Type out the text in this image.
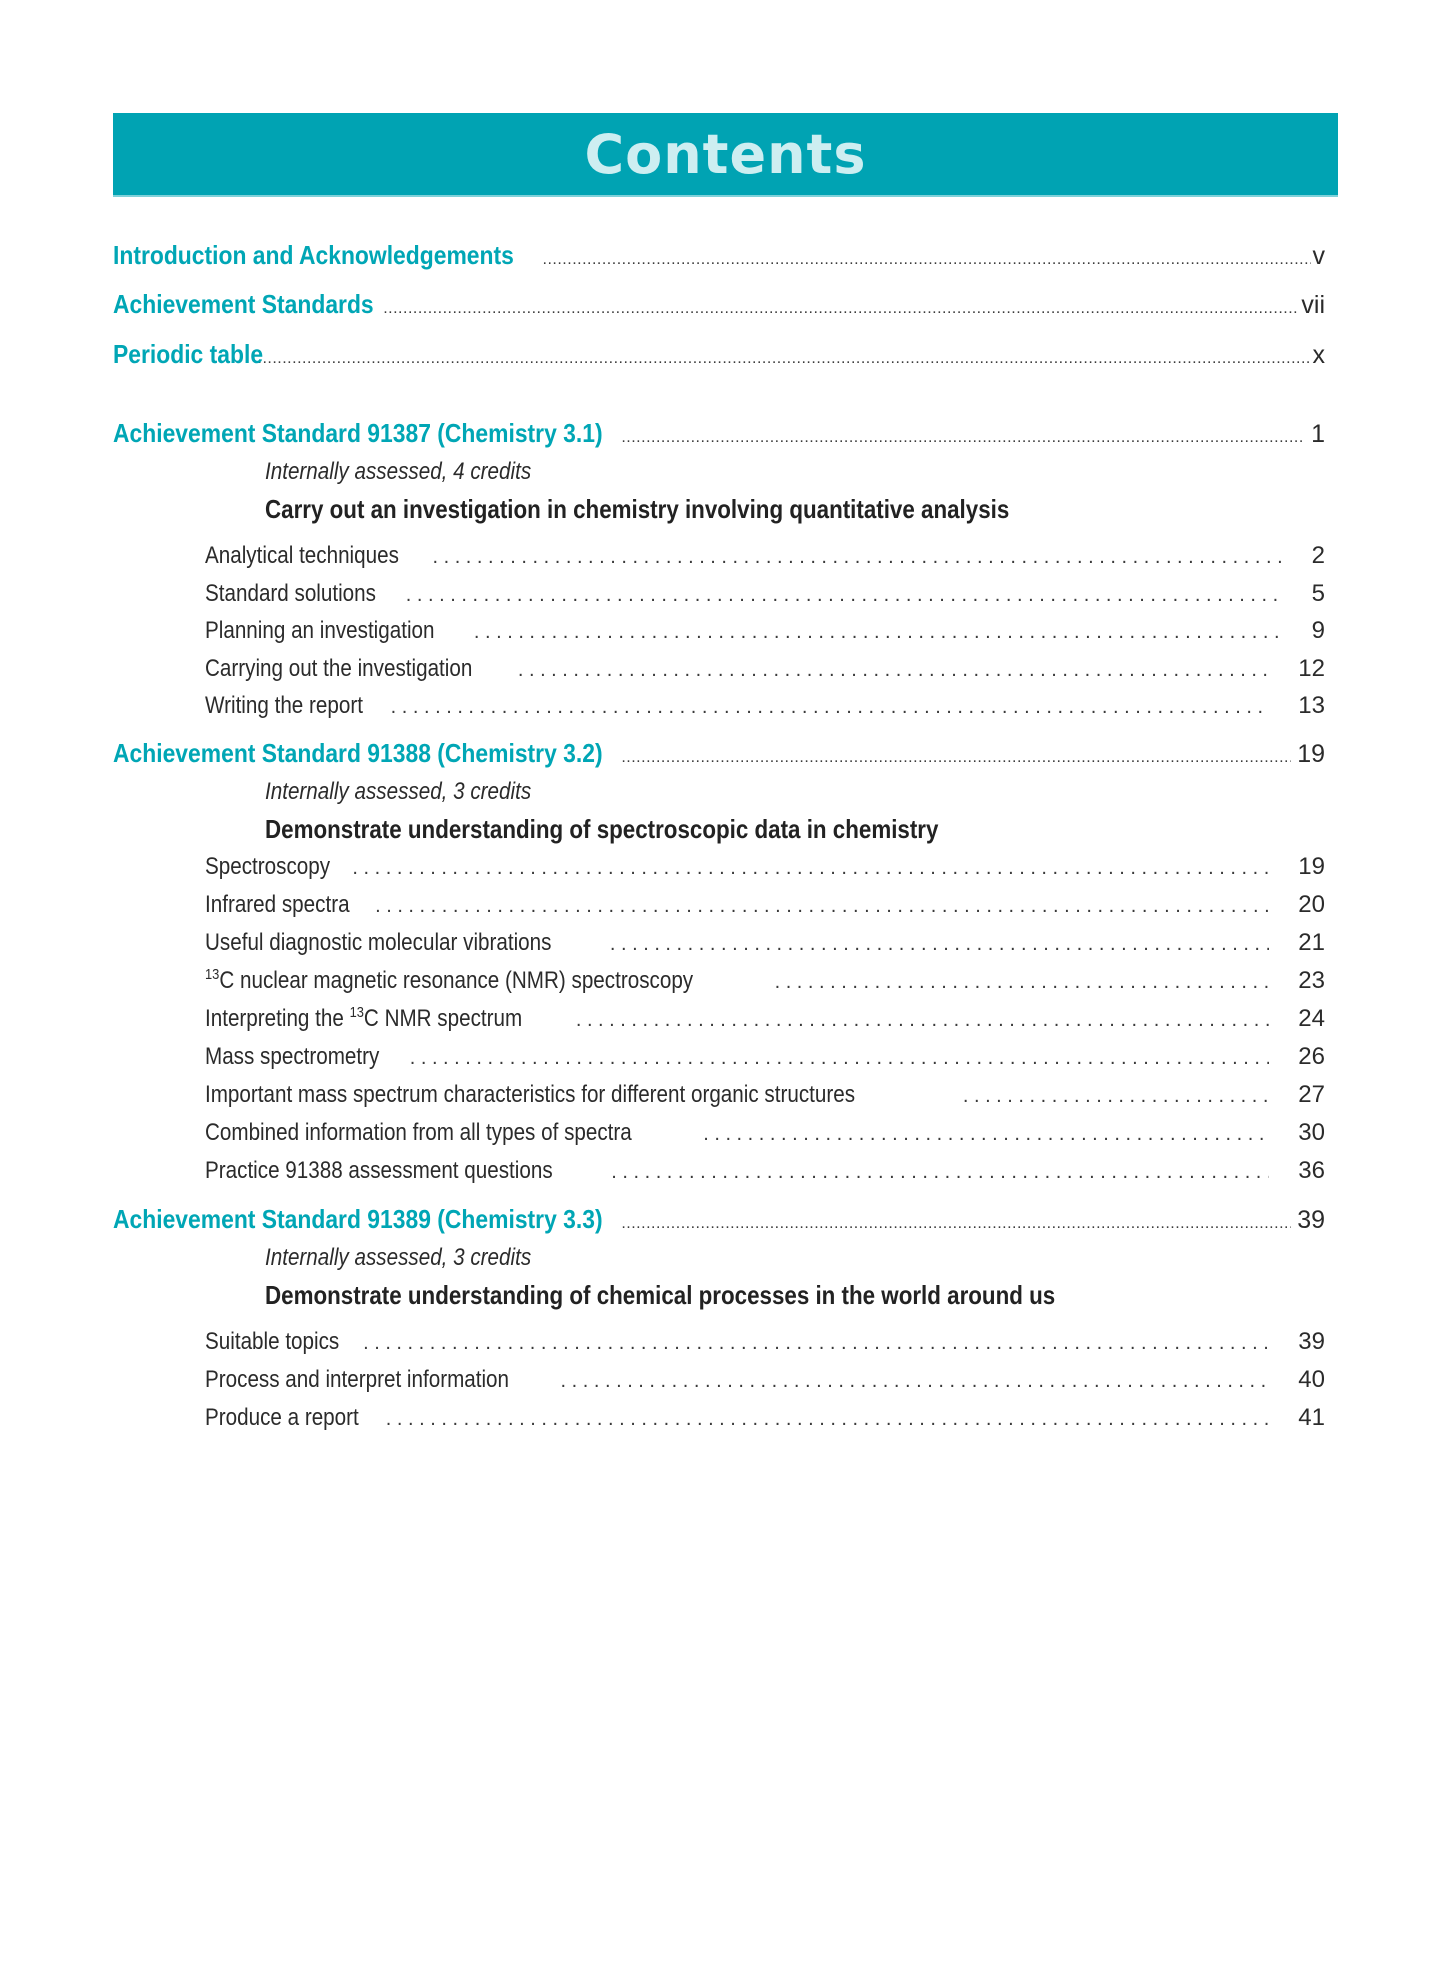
Contents
Introduction and Acknowledgements .....	v
Achievement Standards .....	vii
Periodic table .....	x
Achievement Standard 91387 (Chemistry 3.1) .....	1
Internally assessed, 4 credits
Carry out an investigation in chemistry involving quantitative analysis
Analytical techniques . . .	2
Standard solutions . . .	5
Planning an investigation . . .	9
Carrying out the investigation . . .	12
Writing the report . . .	13
Achievement Standard 91388 (Chemistry 3.2) .....	19
Internally assessed, 3 credits
Demonstrate understanding of spectroscopic data in chemistry
Spectroscopy . . .	19
Infrared spectra . . .	20
Useful diagnostic molecular vibrations . . .	21
$^{13}$C nuclear magnetic resonance (NMR) spectroscopy . . .	23
Interpreting the $^{13}$C NMR spectrum . . .	24
Mass spectrometry . . .	26
Important mass spectrum characteristics for different organic structures . . .	27
Combined information from all types of spectra . . .	30
Practice 91388 assessment questions . . .	36
Achievement Standard 91389 (Chemistry 3.3) .....	39
Internally assessed, 3 credits
Demonstrate understanding of chemical processes in the world around us
Suitable topics . . .	39
Process and interpret information . . .	40
Produce a report . . .	41
